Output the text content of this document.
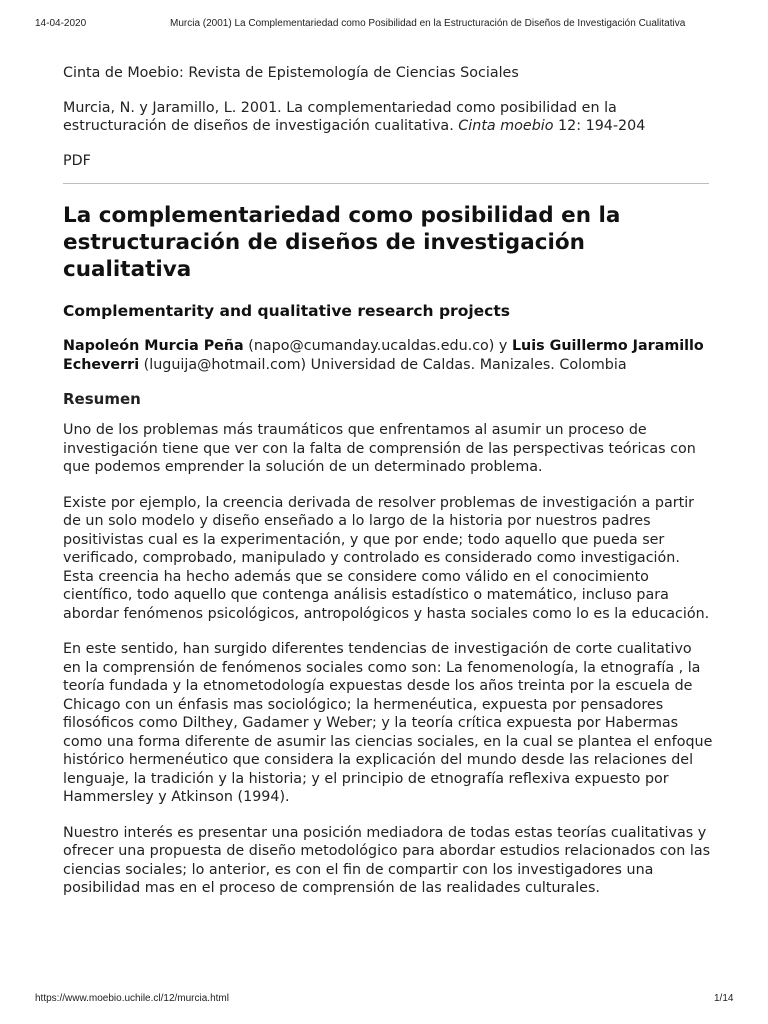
14-04-2020	Murcia (2001) La Complementariedad como Posibilidad en la Estructuración de Diseños de Investigación Cualitativa

Cinta de Moebio: Revista de Epistemología de Ciencias Sociales

Murcia, N. y Jaramillo, L. 2001. La complementariedad como posibilidad en la estructuración de diseños de investigación cualitativa. Cinta moebio 12: 194-204

PDF

La complementariedad como posibilidad en la estructuración de diseños de investigación cualitativa
Complementarity and qualitative research projects

Napoleón Murcia Peña (napo@cumanday.ucaldas.edu.co) y Luis Guillermo Jaramillo Echeverri (luguija@hotmail.com) Universidad de Caldas. Manizales. Colombia

Resumen

Uno de los problemas más traumáticos que enfrentamos al asumir un proceso de investigación tiene que ver con la falta de comprensión de las perspectivas teóricas con que podemos emprender la solución de un determinado problema.

Existe por ejemplo, la creencia derivada de resolver problemas de investigación a partir de un solo modelo y diseño enseñado a lo largo de la historia por nuestros padres positivistas cual es la experimentación, y que por ende; todo aquello que pueda ser verificado, comprobado, manipulado y controlado es considerado como investigación. Esta creencia ha hecho además que se considere como válido en el conocimiento científico, todo aquello que contenga análisis estadístico o matemático, incluso para abordar fenómenos psicológicos, antropológicos y hasta sociales como lo es la educación.

En este sentido, han surgido diferentes tendencias de investigación de corte cualitativo en la comprensión de fenómenos sociales como son: La fenomenología, la etnografía , la teoría fundada y la etnometodología expuestas desde los años treinta por la escuela de Chicago con un énfasis mas sociológico; la hermenéutica, expuesta por pensadores filosóficos como Dilthey, Gadamer y Weber; y la teoría crítica expuesta por Habermas como una forma diferente de asumir las ciencias sociales, en la cual se plantea el enfoque histórico hermenéutico que considera la explicación del mundo desde las relaciones del lenguaje, la tradición y la historia; y el principio de etnografía reflexiva expuesto por Hammersley y Atkinson (1994).

Nuestro interés es presentar una posición mediadora de todas estas teorías cualitativas y ofrecer una propuesta de diseño metodológico para abordar estudios relacionados con las ciencias sociales; lo anterior, es con el fin de compartir con los investigadores una posibilidad mas en el proceso de comprensión de las realidades culturales.

https://www.moebio.uchile.cl/12/murcia.html	1/14
